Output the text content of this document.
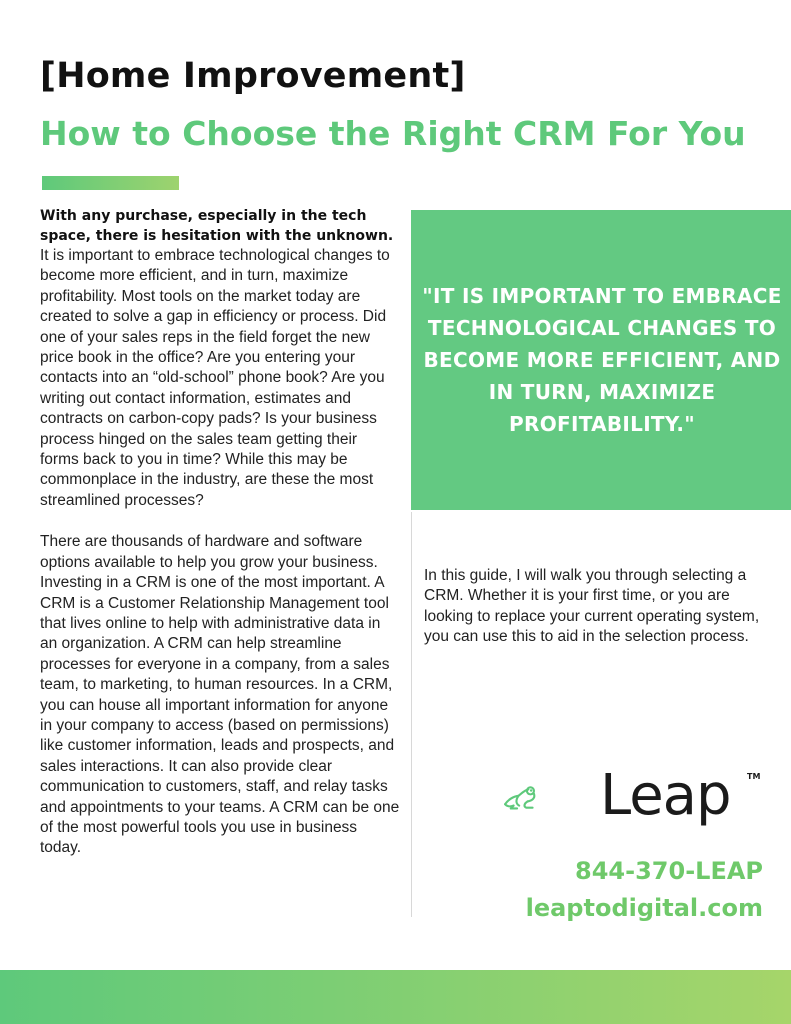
[Home Improvement]
How to Choose the Right CRM For You

With any purchase, especially in the tech space, there is hesitation with the unknown.

It is important to embrace technological changes to become more efficient, and in turn, maximize profitability. Most tools on the market today are created to solve a gap in efficiency or process. Did one of your sales reps in the field forget the new price book in the office? Are you entering your contacts into an “old-school” phone book? Are you writing out contact information, estimates and contracts on carbon-copy pads? Is your business process hinged on the sales team getting their forms back to you in time? While this may be commonplace in the industry, are these the most streamlined processes?

There are thousands of hardware and software options available to help you grow your business. Investing in a CRM is one of the most important. A CRM is a Customer Relationship Management tool that lives online to help with administrative data in an organization. A CRM can help streamline processes for everyone in a company, from a sales team, to marketing, to human resources. In a CRM, you can house all important information for anyone in your company to access (based on permissions) like customer information, leads and prospects, and sales interactions. It can also provide clear communication to customers, staff, and relay tasks and appointments to your teams. A CRM can be one of the most powerful tools you use in business today.

"IT IS IMPORTANT TO EMBRACE TECHNOLOGICAL CHANGES TO BECOME MORE EFFICIENT, AND IN TURN, MAXIMIZE PROFITABILITY."

In this guide, I will walk you through selecting a CRM. Whether it is your first time, or you are looking to replace your current operating system, you can use this to aid in the selection process.

Leap TM

844-370-LEAP

leaptodigital.com
